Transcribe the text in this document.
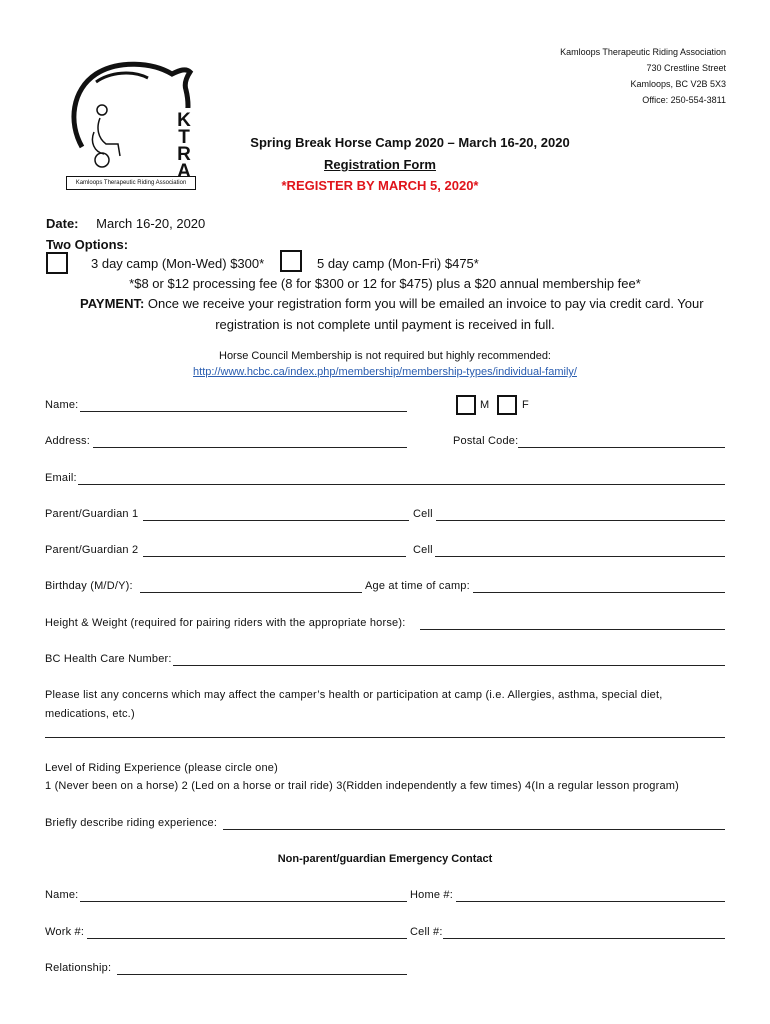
KTRA
Kamloops Therapeutic Riding Association
Kamloops Therapeutic Riding Association
730 Crestline Street
Kamloops, BC V2B 5X3
Office: 250-554-3811
Spring Break Horse Camp 2020 – March 16-20, 2020
Registration Form
*REGISTER BY MARCH 5, 2020*
Date: March 16-20, 2020
Two Options:
3 day camp (Mon-Wed) $300*	5 day camp (Mon-Fri) $475*
*$8 or $12 processing fee (8 for $300 or 12 for $475) plus a $20 annual membership fee*
PAYMENT: Once we receive your registration form you will be emailed an invoice to pay via credit card. Your
registration is not complete until payment is received in full.
Horse Council Membership is not required but highly recommended:
http://www.hcbc.ca/index.php/membership/membership-types/individual-family/
Name:	M	F
Address:	Postal Code:
Email:
Parent/Guardian 1	Cell
Parent/Guardian 2	Cell
Birthday (M/D/Y):	Age at time of camp:
Height & Weight (required for pairing riders with the appropriate horse):
BC Health Care Number:
Please list any concerns which may affect the camper’s health or participation at camp (i.e. Allergies, asthma, special diet,
medications, etc.)
Level of Riding Experience (please circle one)
1 (Never been on a horse) 2 (Led on a horse or trail ride) 3(Ridden independently a few times) 4(In a regular lesson program)
Briefly describe riding experience:
Non-parent/guardian Emergency Contact
Name:	Home #:
Work #:	Cell #:
Relationship:
